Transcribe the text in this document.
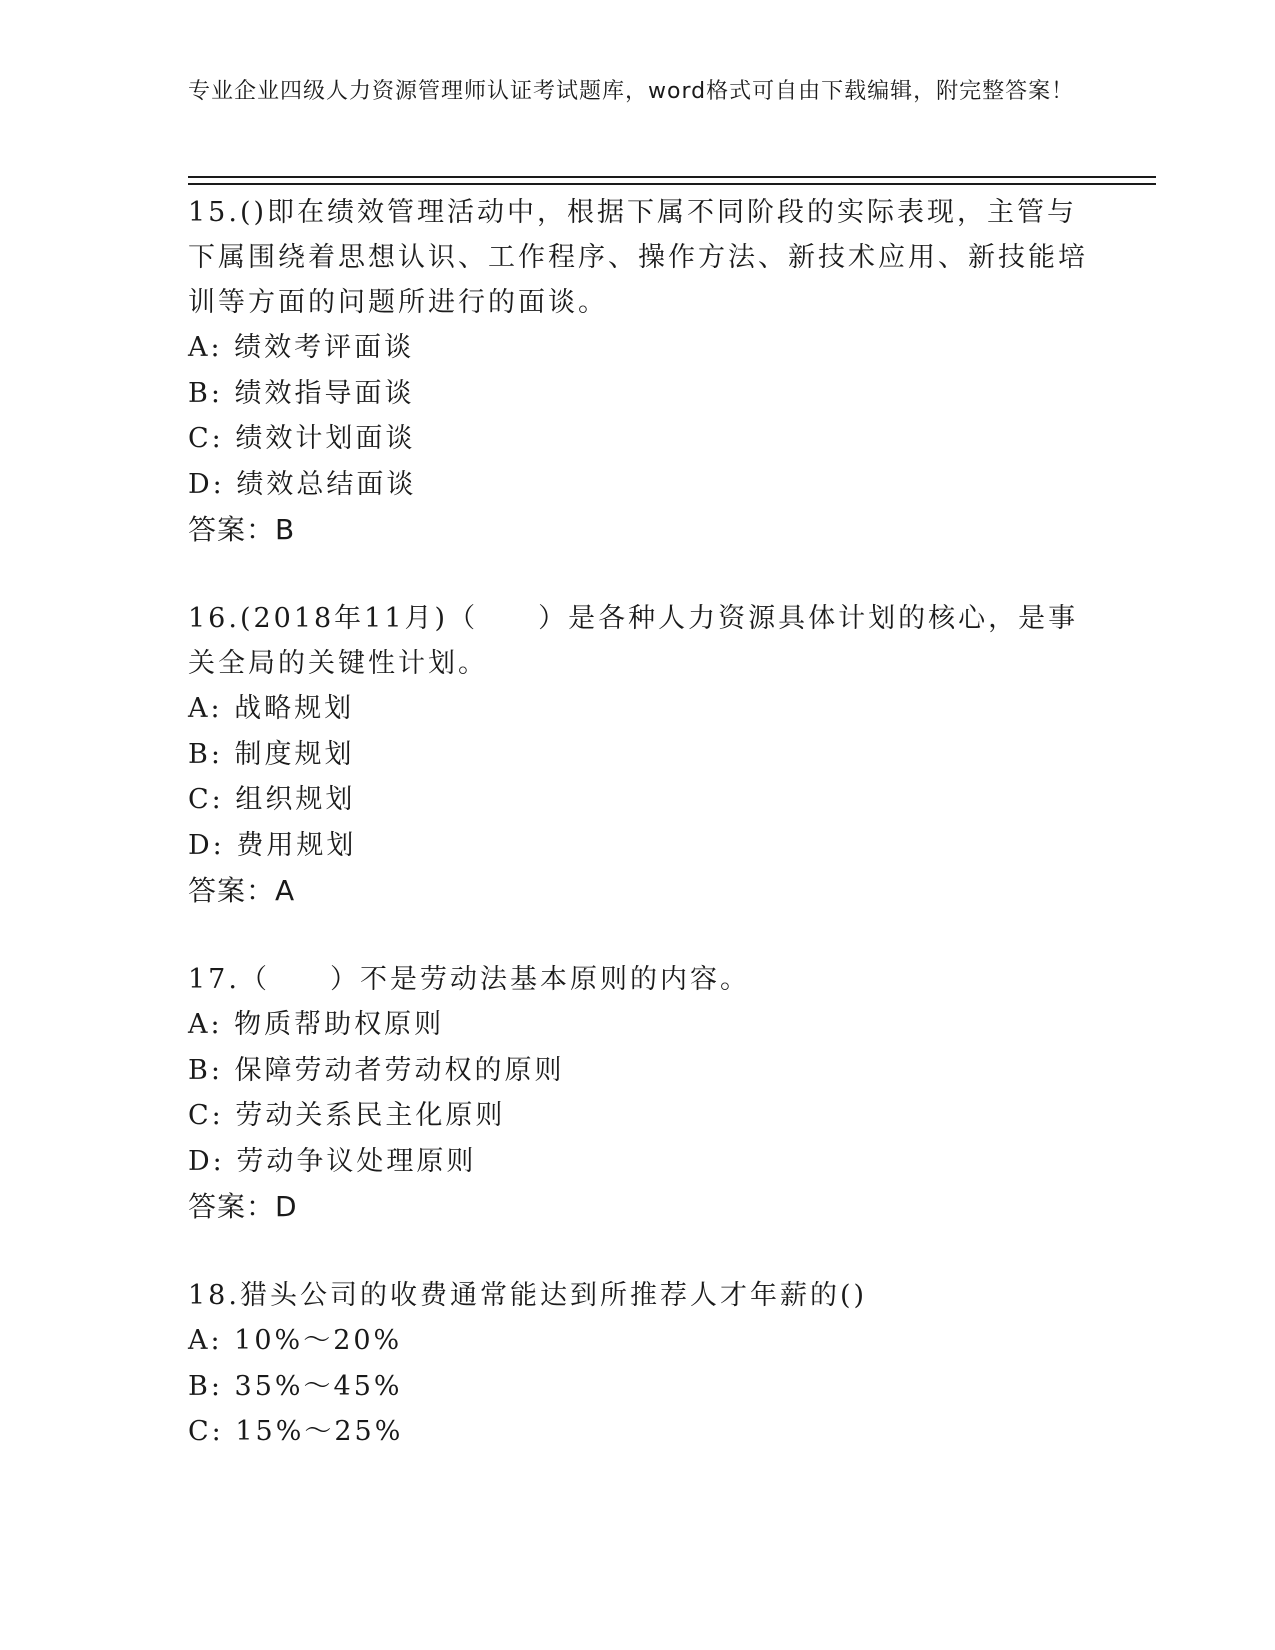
专业企业四级人力资源管理师认证考试题库，word格式可自由下载编辑，附完整答案！

15.()即在绩效管理活动中，根据下属不同阶段的实际表现，主管与下属围绕着思想认识、工作程序、操作方法、新技术应用、新技能培训等方面的问题所进行的面谈。

A: 绩效考评面谈

B: 绩效指导面谈

C: 绩效计划面谈

D: 绩效总结面谈

答案：B

16.(2018年11月)（　　）是各种人力资源具体计划的核心，是事关全局的关键性计划。

A: 战略规划

B: 制度规划

C: 组织规划

D: 费用规划

答案：A

17.（　　）不是劳动法基本原则的内容。

A: 物质帮助权原则

B: 保障劳动者劳动权的原则

C: 劳动关系民主化原则

D: 劳动争议处理原则

答案：D

18.猎头公司的收费通常能达到所推荐人才年薪的()

A: 10%～20%

B: 35%～45%

C: 15%～25%
